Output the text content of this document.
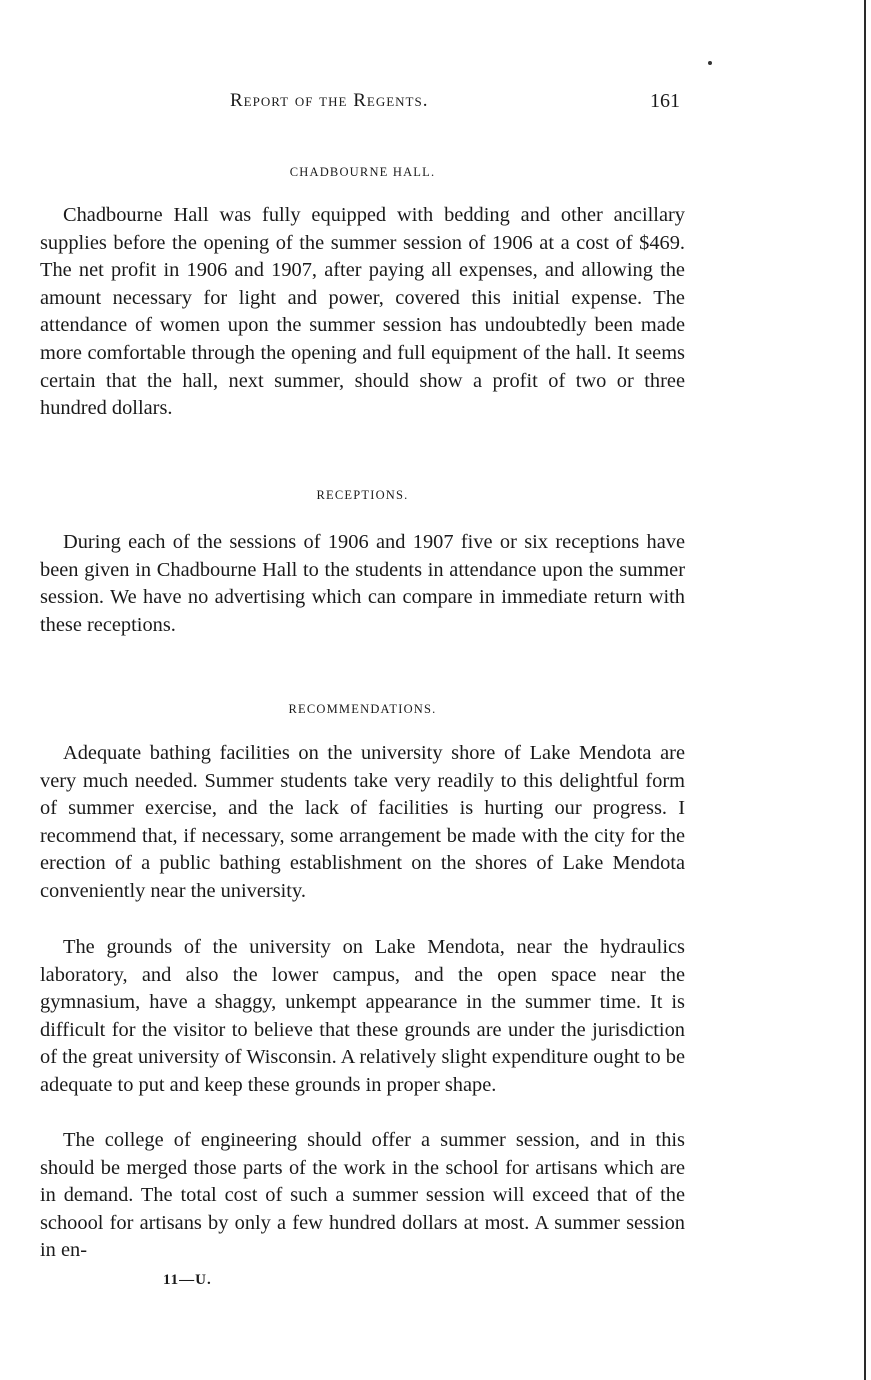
Report of the Regents.	161
CHADBOURNE HALL.

Chadbourne Hall was fully equipped with bedding and other ancillary supplies before the opening of the summer session of 1906 at a cost of $469. The net profit in 1906 and 1907, after paying all expenses, and allowing the amount necessary for light and power, covered this initial expense. The attendance of women upon the summer session has undoubtedly been made more comfortable through the opening and full equipment of the hall. It seems certain that the hall, next summer, should show a profit of two or three hundred dollars.

RECEPTIONS.

During each of the sessions of 1906 and 1907 five or six receptions have been given in Chadbourne Hall to the students in attendance upon the summer session. We have no advertising which can compare in immediate return with these receptions.

RECOMMENDATIONS.

Adequate bathing facilities on the university shore of Lake Mendota are very much needed. Summer students take very readily to this delightful form of summer exercise, and the lack of facilities is hurting our progress. I recommend that, if necessary, some arrangement be made with the city for the erection of a public bathing establishment on the shores of Lake Mendota conveniently near the university.

The grounds of the university on Lake Mendota, near the hydraulics laboratory, and also the lower campus, and the open space near the gymnasium, have a shaggy, unkempt appearance in the summer time. It is difficult for the visitor to believe that these grounds are under the jurisdiction of the great university of Wisconsin. A relatively slight expenditure ought to be adequate to put and keep these grounds in proper shape.

The college of engineering should offer a summer session, and in this should be merged those parts of the work in the school for artisans which are in demand. The total cost of such a summer session will exceed that of the schoool for artisans by only a few hundred dollars at most. A summer session in en-

11—U.
